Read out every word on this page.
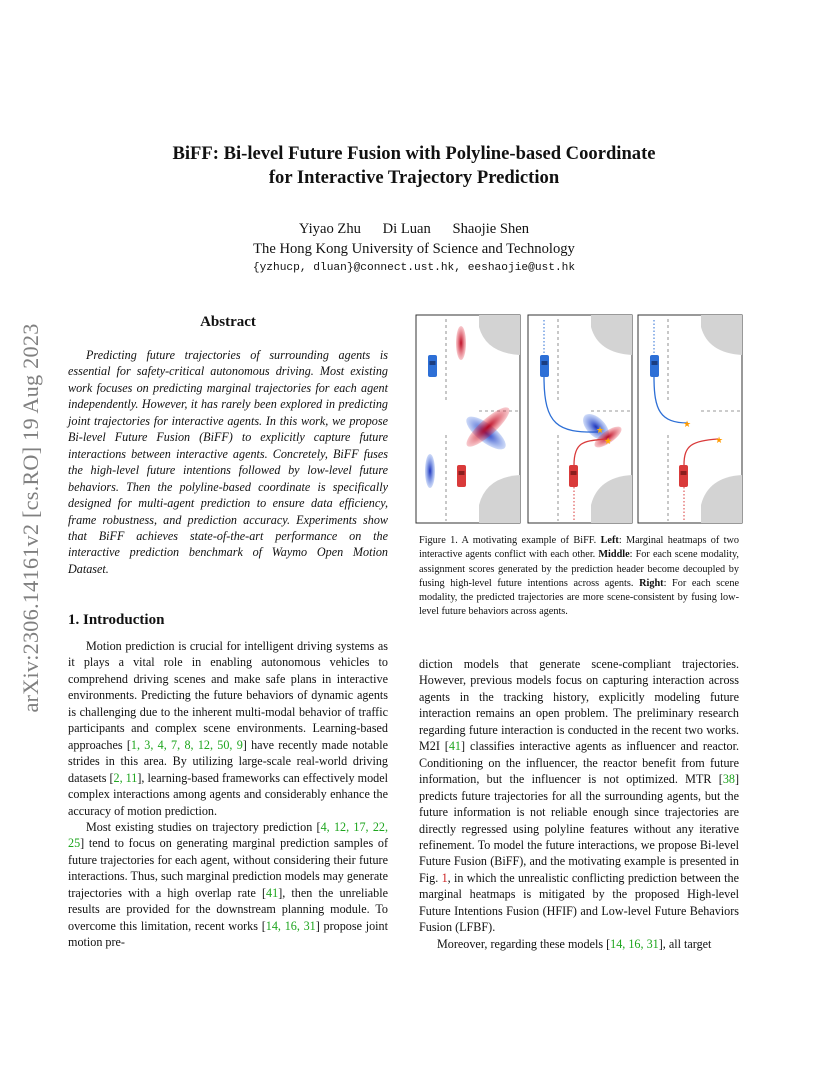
BiFF: Bi-level Future Fusion with Polyline-based Coordinate
for Interactive Trajectory Prediction
Yiyao Zhu Di Luan Shaojie Shen
The Hong Kong University of Science and Technology
{yzhucp, dluan}@connect.ust.hk, eeshaojie@ust.hk
arXiv:2306.14161v2 [cs.RO] 19 Aug 2023
Abstract
Predicting future trajectories of surrounding agents is essential for safety-critical autonomous driving. Most existing work focuses on predicting marginal trajectories for each agent independently. However, it has rarely been explored in predicting joint trajectories for interactive agents. In this work, we propose Bi-level Future Fusion (BiFF) to explicitly capture future interactions between interactive agents. Concretely, BiFF fuses the high-level future intentions followed by low-level future behaviors. Then the polyline-based coordinate is specifically designed for multi-agent prediction to ensure data efficiency, frame robustness, and prediction accuracy. Experiments show that BiFF achieves state-of-the-art performance on the interactive prediction benchmark of Waymo Open Motion Dataset.
1. Introduction

Motion prediction is crucial for intelligent driving systems as it plays a vital role in enabling autonomous vehicles to comprehend driving scenes and make safe plans in interactive environments. Predicting the future behaviors of dynamic agents is challenging due to the inherent multi-modal behavior of traffic participants and complex scene environments. Learning-based approaches [1, 3, 4, 7, 8, 12, 50, 9] have recently made notable strides in this area. By utilizing large-scale real-world driving datasets [2, 11], learning-based frameworks can effectively model complex interactions among agents and considerably enhance the accuracy of motion prediction.

Most existing studies on trajectory prediction [4, 12, 17, 22, 25] tend to focus on generating marginal prediction samples of future trajectories for each agent, without considering their future interactions. Thus, such marginal prediction models may generate trajectories with a high overlap rate [41], then the unreliable results are provided for the downstream planning module. To overcome this limitation, recent works [14, 16, 31] propose joint motion pre-

★
★
★
★
Figure 1. A motivating example of BiFF. Left: Marginal heatmaps of two interactive agents conflict with each other. Middle: For each scene modality, assignment scores generated by the prediction header become decoupled by fusing high-level future intentions across agents. Right: For each scene modality, the predicted trajectories are more scene-consistent by fusing low-level future behaviors across agents.

diction models that generate scene-compliant trajectories. However, previous models focus on capturing interaction across agents in the tracking history, explicitly modeling future interaction remains an open problem. The preliminary research regarding future interaction is conducted in the recent two works. M2I [41] classifies interactive agents as influencer and reactor. Conditioning on the influencer, the reactor benefit from future information, but the influencer is not optimized. MTR [38] predicts future trajectories for all the surrounding agents, but the future information is not reliable enough since trajectories are directly regressed using polyline features without any iterative refinement. To model the future interactions, we propose Bi-level Future Fusion (BiFF), and the motivating example is presented in Fig. 1, in which the unrealistic conflicting prediction between the marginal heatmaps is mitigated by the proposed High-level Future Intentions Fusion (HFIF) and Low-level Future Behaviors Fusion (LFBF).

Moreover, regarding these models [14, 16, 31], all target
